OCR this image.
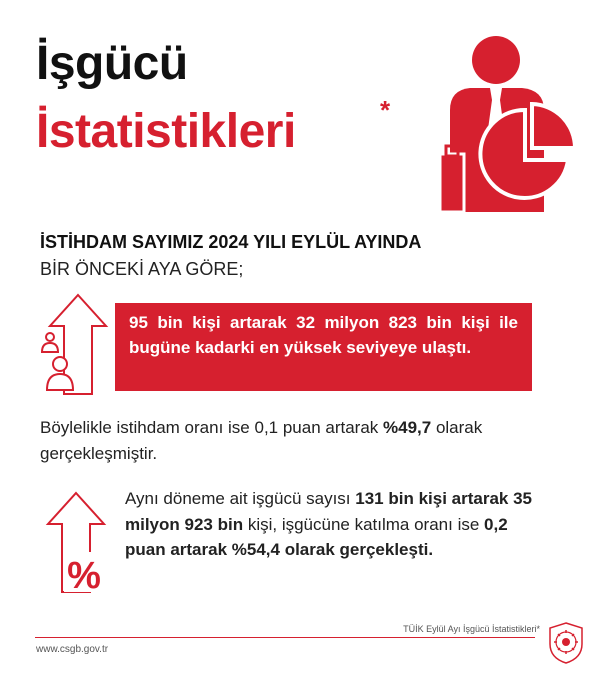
İşgücü
İstatistikleri	*
İSTİHDAM SAYIMIZ 2024 YILI EYLÜL AYINDA
BİR ÖNCEKİ AYA GÖRE;

95 bin kişi artarak 32 milyon 823 bin kişi ile bugüne kadarki en yüksek seviyeye ulaştı.

Böylelikle istihdam oranı ise 0,1 puan artarak %49,7 olarak gerçekleşmiştir.

%

Aynı döneme ait işgücü sayısı 131 bin kişi artarak 35 milyon 923 bin kişi, işgücüne katılma oranı ise 0,2 puan artarak %54,4 olarak gerçekleşti.

TÜİK Eylül Ayı İşgücü İstatistikleri*
www.csgb.gov.tr
